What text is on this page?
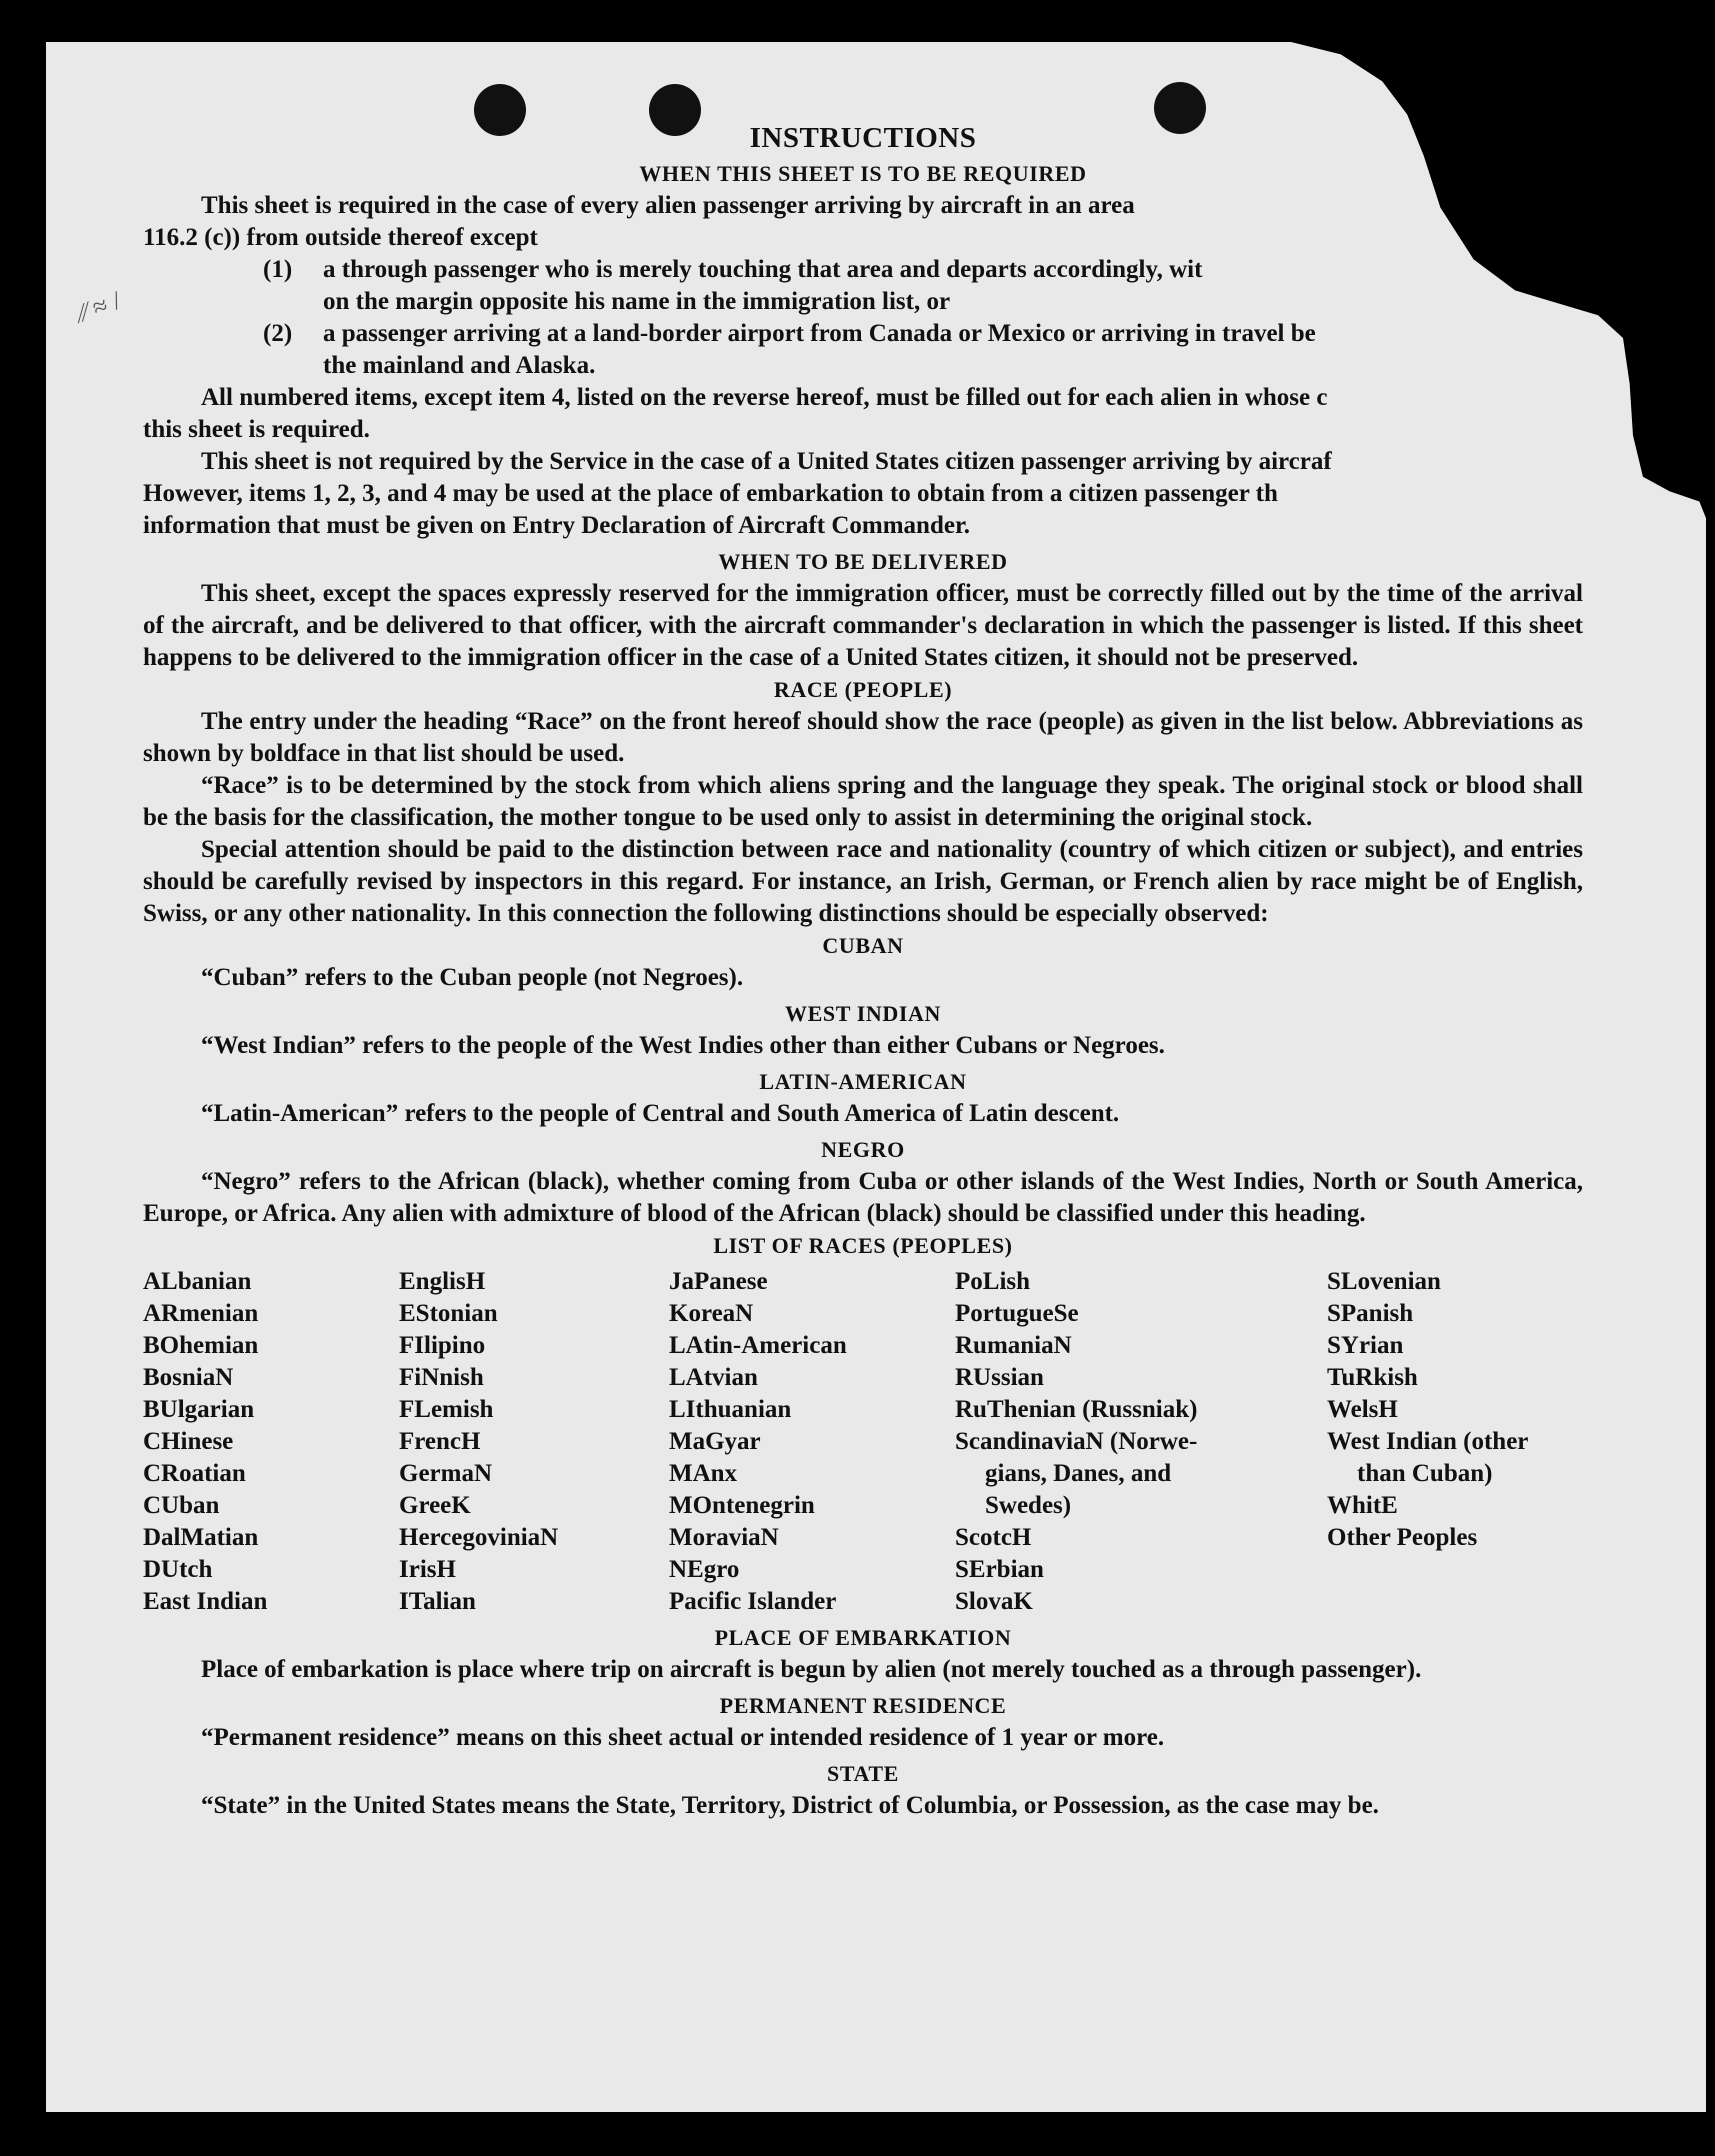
INSTRUCTIONS
WHEN THIS SHEET IS TO BE REQUIRED

This sheet is required in the case of every alien passenger arriving by aircraft in an area

116.2 (c)) from outside thereof except

(1)	a through passenger who is merely touching that area and departs accordingly, wit
on the margin opposite his name in the immigration list, or
(2)	a passenger arriving at a land-border airport from Canada or Mexico or arriving in travel be
the mainland and Alaska.

All numbered items, except item 4, listed on the reverse hereof, must be filled out for each alien in whose c

this sheet is required.

This sheet is not required by the Service in the case of a United States citizen passenger arriving by aircraf

However, items 1, 2, 3, and 4 may be used at the place of embarkation to obtain from a citizen passenger th

information that must be given on Entry Declaration of Aircraft Commander.

WHEN TO BE DELIVERED

This sheet, except the spaces expressly reserved for the immigration officer, must be correctly filled out by the time of the arrival of the aircraft, and be delivered to that officer, with the aircraft commander's declaration in which the passenger is listed. If this sheet happens to be delivered to the immigration officer in the case of a United States citizen, it should not be preserved.

RACE (PEOPLE)

The entry under the heading “Race” on the front hereof should show the race (people) as given in the list below. Abbreviations as shown by boldface in that list should be used.

“Race” is to be determined by the stock from which aliens spring and the language they speak. The original stock or blood shall be the basis for the classification, the mother tongue to be used only to assist in determining the original stock.

Special attention should be paid to the distinction between race and nationality (country of which citizen or subject), and entries should be carefully revised by inspectors in this regard. For instance, an Irish, German, or French alien by race might be of English, Swiss, or any other nationality. In this connection the following distinctions should be especially observed:

CUBAN

“Cuban” refers to the Cuban people (not Negroes).

WEST INDIAN

“West Indian” refers to the people of the West Indies other than either Cubans or Negroes.

LATIN-AMERICAN

“Latin-American” refers to the people of Central and South America of Latin descent.

NEGRO

“Negro” refers to the African (black), whether coming from Cuba or other islands of the West Indies, North or South America, Europe, or Africa. Any alien with admixture of blood of the African (black) should be classified under this heading.

LIST OF RACES (PEOPLES)
ALbanian
ARmenian
BOhemian
BosniaN
BUlgarian
CHinese
CRoatian
CUban
DalMatian
DUtch
East Indian
EnglisH
EStonian
FIlipino
FiNnish
FLemish
FrencH
GermaN
GreeK
HercegoviniaN
IrisH
ITalian
JaPanese
KoreaN
LAtin-American
LAtvian
LIthuanian
MaGyar
MAnx
MOntenegrin
MoraviaN
NEgro
Pacific Islander
PoLish
PortugueSe
RumaniaN
RUssian
RuThenian (Russniak)
ScandinaviaN (Norwe-
gians, Danes, and
Swedes)
ScotcH
SErbian
SlovaK
SLovenian
SPanish
SYrian
TuRkish
WelsH
West Indian (other
than Cuban)
WhitE
Other Peoples
PLACE OF EMBARKATION

Place of embarkation is place where trip on aircraft is begun by alien (not merely touched as a through passenger).

PERMANENT RESIDENCE

“Permanent residence” means on this sheet actual or intended residence of 1 year or more.

STATE

“State” in the United States means the State, Territory, District of Columbia, or Possession, as the case may be.

⁄⁄ ≈ /
